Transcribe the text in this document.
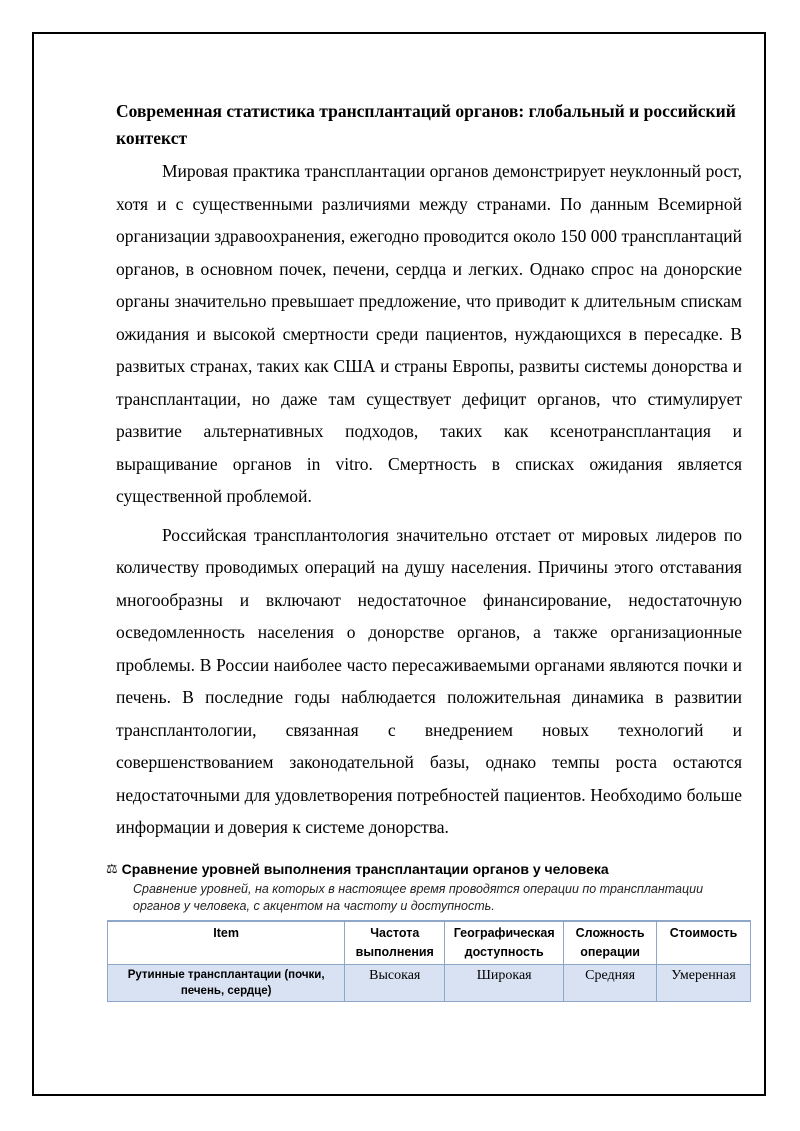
Современная статистика трансплантаций органов: глобальный и российский контекст

Мировая практика трансплантации органов демонстрирует неуклонный рост, хотя и с существенными различиями между странами. По данным Всемирной организации здравоохранения, ежегодно проводится около 150 000 трансплантаций органов, в основном почек, печени, сердца и легких. Однако спрос на донорские органы значительно превышает предложение, что приводит к длительным спискам ожидания и высокой смертности среди пациентов, нуждающихся в пересадке. В развитых странах, таких как США и страны Европы, развиты системы донорства и трансплантации, но даже там существует дефицит органов, что стимулирует развитие альтернативных подходов, таких как ксенотрансплантация и выращивание органов in vitro. Смертность в списках ожидания является существенной проблемой.

Российская трансплантология значительно отстает от мировых лидеров по количеству проводимых операций на душу населения. Причины этого отставания многообразны и включают недостаточное финансирование, недостаточную осведомленность населения о донорстве органов, а также организационные проблемы. В России наиболее часто пересаживаемыми органами являются почки и печень. В последние годы наблюдается положительная динамика в развитии трансплантологии, связанная с внедрением новых технологий и совершенствованием законодательной базы, однако темпы роста остаются недостаточными для удовлетворения потребностей пациентов. Необходимо больше информации и доверия к системе донорства.

⚖ Сравнение уровней выполнения трансплантации органов у человека
Сравнение уровней, на которых в настоящее время проводятся операции по трансплантации органов у человека, с акцентом на частоту и доступность.
Item	Частота выполнения	Географическая доступность	Сложность операции	Стоимость
Рутинные трансплантации (почки, печень, сердце)	Высокая	Широкая	Средняя	Умеренная
